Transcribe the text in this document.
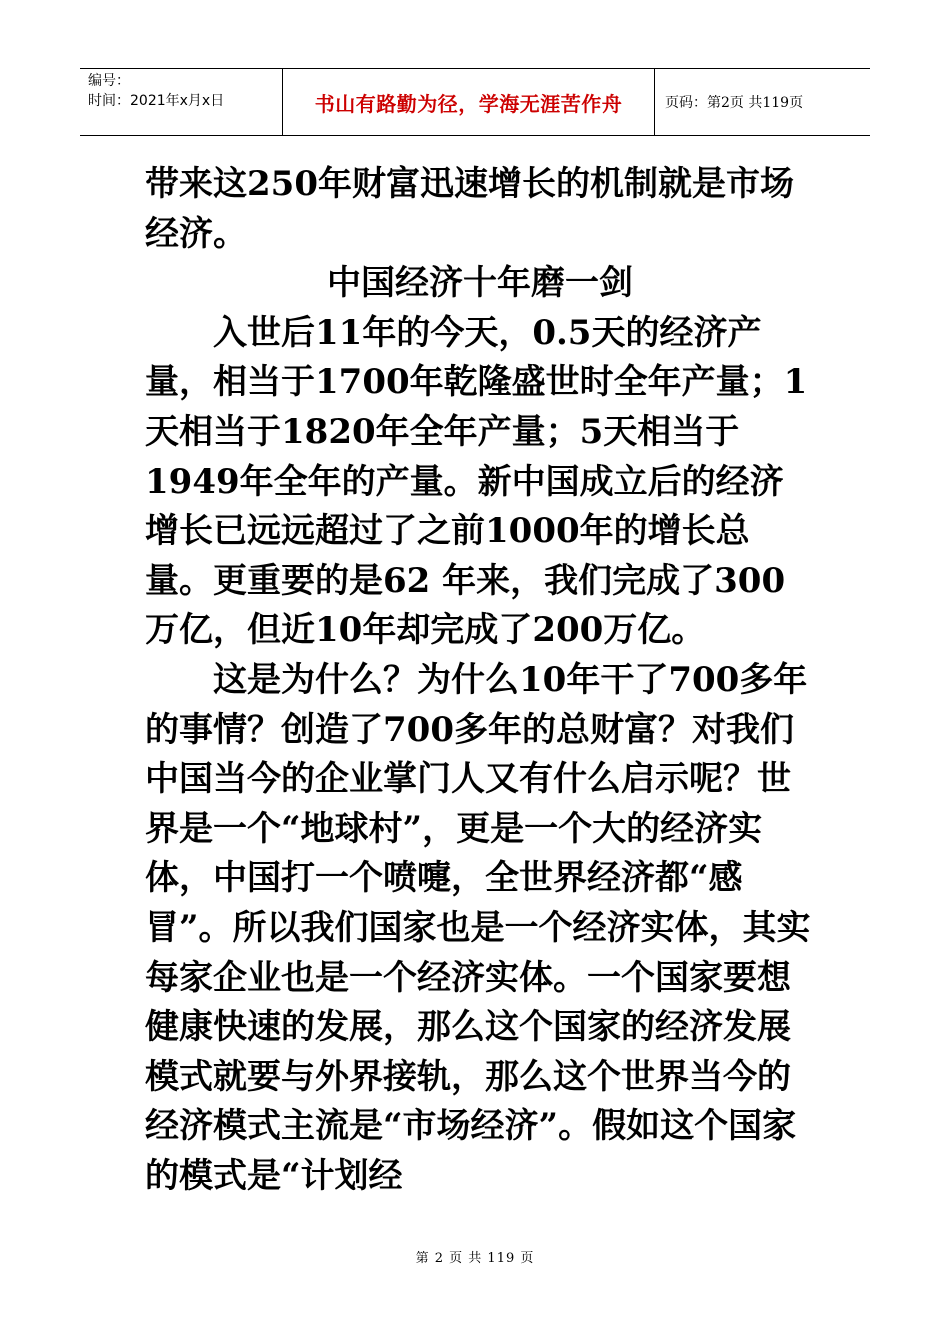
编号：
时间：2021年x月x日	书山有路勤为径，学海无涯苦作舟	页码：第2页 共119页

带来这250年财富迅速增长的机制就是市场经济。

中国经济十年磨一剑

入世后11年的今天，0.5天的经济产量，相当于1700年乾隆盛世时全年产量；1天相当于1820年全年产量；5天相当于1949年全年的产量。新中国成立后的经济增长已远远超过了之前1000年的增长总量。更重要的是62 年来，我们完成了300万亿，但近10年却完成了200万亿。

这是为什么？为什么10年干了700多年的事情？创造了700多年的总财富？对我们中国当今的企业掌门人又有什么启示呢？世界是一个“地球村”，更是一个大的经济实体，中国打一个喷嚏，全世界经济都“感冒”。所以我们国家也是一个经济实体，其实每家企业也是一个经济实体。一个国家要想健康快速的发展，那么这个国家的经济发展模式就要与外界接轨，那么这个世界当今的经济模式主流是“市场经济”。假如这个国家的模式是“计划经

第 2 页 共 119 页
